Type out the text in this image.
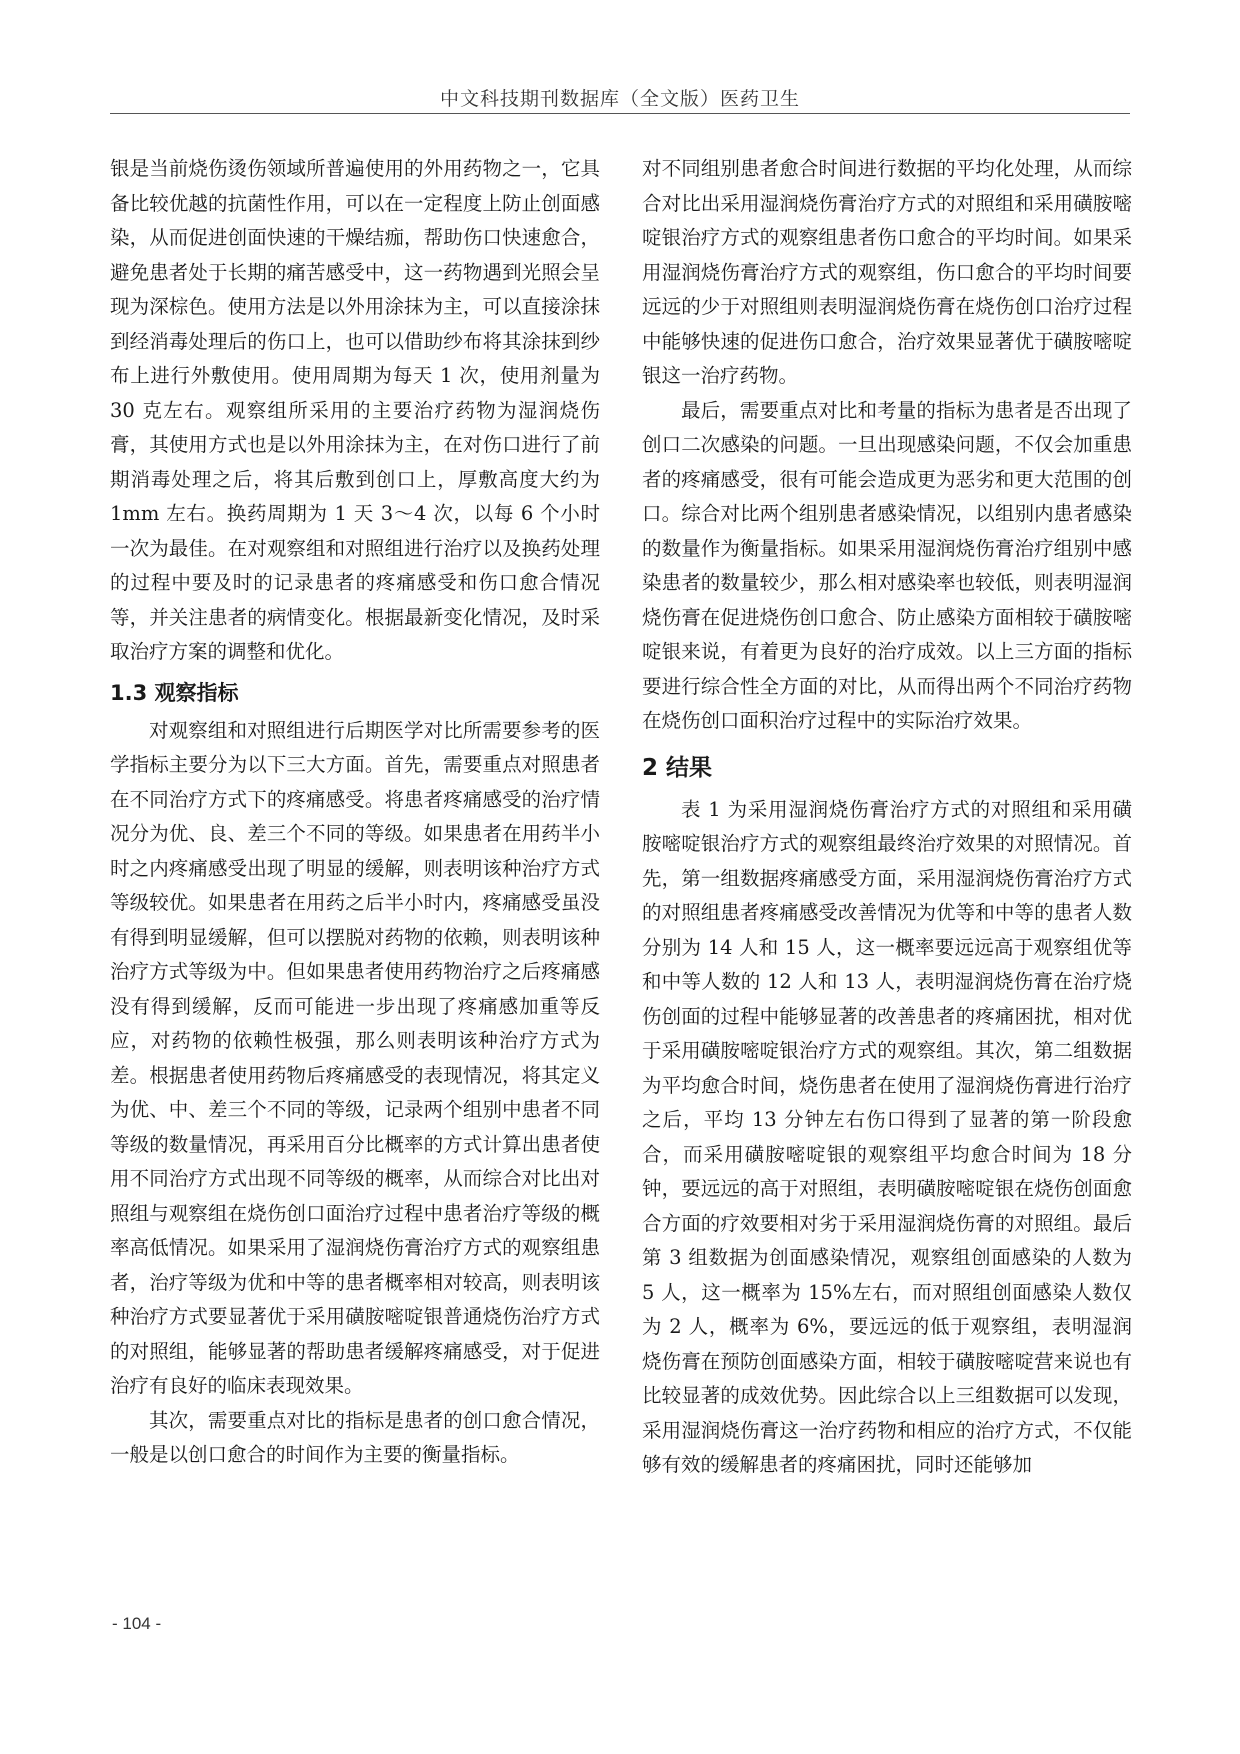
中文科技期刊数据库（全文版）医药卫生

银是当前烧伤烫伤领域所普遍使用的外用药物之一，它具备比较优越的抗菌性作用，可以在一定程度上防止创面感染，从而促进创面快速的干燥结痂，帮助伤口快速愈合，避免患者处于长期的痛苦感受中，这一药物遇到光照会呈现为深棕色。使用方法是以外用涂抹为主，可以直接涂抹到经消毒处理后的伤口上，也可以借助纱布将其涂抹到纱布上进行外敷使用。使用周期为每天 1 次，使用剂量为 30 克左右。观察组所采用的主要治疗药物为湿润烧伤膏，其使用方式也是以外用涂抹为主，在对伤口进行了前期消毒处理之后，将其后敷到创口上，厚敷高度大约为 1mm 左右。换药周期为 1 天 3～4 次，以每 6 个小时一次为最佳。在对观察组和对照组进行治疗以及换药处理的过程中要及时的记录患者的疼痛感受和伤口愈合情况等，并关注患者的病情变化。根据最新变化情况，及时采取治疗方案的调整和优化。

1.3 观察指标

对观察组和对照组进行后期医学对比所需要参考的医学指标主要分为以下三大方面。首先，需要重点对照患者在不同治疗方式下的疼痛感受。将患者疼痛感受的治疗情况分为优、良、差三个不同的等级。如果患者在用药半小时之内疼痛感受出现了明显的缓解，则表明该种治疗方式等级较优。如果患者在用药之后半小时内，疼痛感受虽没有得到明显缓解，但可以摆脱对药物的依赖，则表明该种治疗方式等级为中。但如果患者使用药物治疗之后疼痛感没有得到缓解，反而可能进一步出现了疼痛感加重等反应，对药物的依赖性极强，那么则表明该种治疗方式为差。根据患者使用药物后疼痛感受的表现情况，将其定义为优、中、差三个不同的等级，记录两个组别中患者不同等级的数量情况，再采用百分比概率的方式计算出患者使用不同治疗方式出现不同等级的概率，从而综合对比出对照组与观察组在烧伤创口面治疗过程中患者治疗等级的概率高低情况。如果采用了湿润烧伤膏治疗方式的观察组患者，治疗等级为优和中等的患者概率相对较高，则表明该种治疗方式要显著优于采用磺胺嘧啶银普通烧伤治疗方式的对照组，能够显著的帮助患者缓解疼痛感受，对于促进治疗有良好的临床表现效果。

其次，需要重点对比的指标是患者的创口愈合情况，一般是以创口愈合的时间作为主要的衡量指标。

对不同组别患者愈合时间进行数据的平均化处理，从而综合对比出采用湿润烧伤膏治疗方式的对照组和采用磺胺嘧啶银治疗方式的观察组患者伤口愈合的平均时间。如果采用湿润烧伤膏治疗方式的观察组，伤口愈合的平均时间要远远的少于对照组则表明湿润烧伤膏在烧伤创口治疗过程中能够快速的促进伤口愈合，治疗效果显著优于磺胺嘧啶银这一治疗药物。

最后，需要重点对比和考量的指标为患者是否出现了创口二次感染的问题。一旦出现感染问题，不仅会加重患者的疼痛感受，很有可能会造成更为恶劣和更大范围的创口。综合对比两个组别患者感染情况，以组别内患者感染的数量作为衡量指标。如果采用湿润烧伤膏治疗组别中感染患者的数量较少，那么相对感染率也较低，则表明湿润烧伤膏在促进烧伤创口愈合、防止感染方面相较于磺胺嘧啶银来说，有着更为良好的治疗成效。以上三方面的指标要进行综合性全方面的对比，从而得出两个不同治疗药物在烧伤创口面积治疗过程中的实际治疗效果。

2 结果

表 1 为采用湿润烧伤膏治疗方式的对照组和采用磺胺嘧啶银治疗方式的观察组最终治疗效果的对照情况。首先，第一组数据疼痛感受方面，采用湿润烧伤膏治疗方式的对照组患者疼痛感受改善情况为优等和中等的患者人数分别为 14 人和 15 人，这一概率要远远高于观察组优等和中等人数的 12 人和 13 人，表明湿润烧伤膏在治疗烧伤创面的过程中能够显著的改善患者的疼痛困扰，相对优于采用磺胺嘧啶银治疗方式的观察组。其次，第二组数据为平均愈合时间，烧伤患者在使用了湿润烧伤膏进行治疗之后，平均 13 分钟左右伤口得到了显著的第一阶段愈合，而采用磺胺嘧啶银的观察组平均愈合时间为 18 分钟，要远远的高于对照组，表明磺胺嘧啶银在烧伤创面愈合方面的疗效要相对劣于采用湿润烧伤膏的对照组。最后第 3 组数据为创面感染情况，观察组创面感染的人数为 5 人，这一概率为 15%左右，而对照组创面感染人数仅为 2 人，概率为 6%，要远远的低于观察组，表明湿润烧伤膏在预防创面感染方面，相较于磺胺嘧啶营来说也有比较显著的成效优势。因此综合以上三组数据可以发现，采用湿润烧伤膏这一治疗药物和相应的治疗方式，不仅能够有效的缓解患者的疼痛困扰，同时还能够加

- 104 -
